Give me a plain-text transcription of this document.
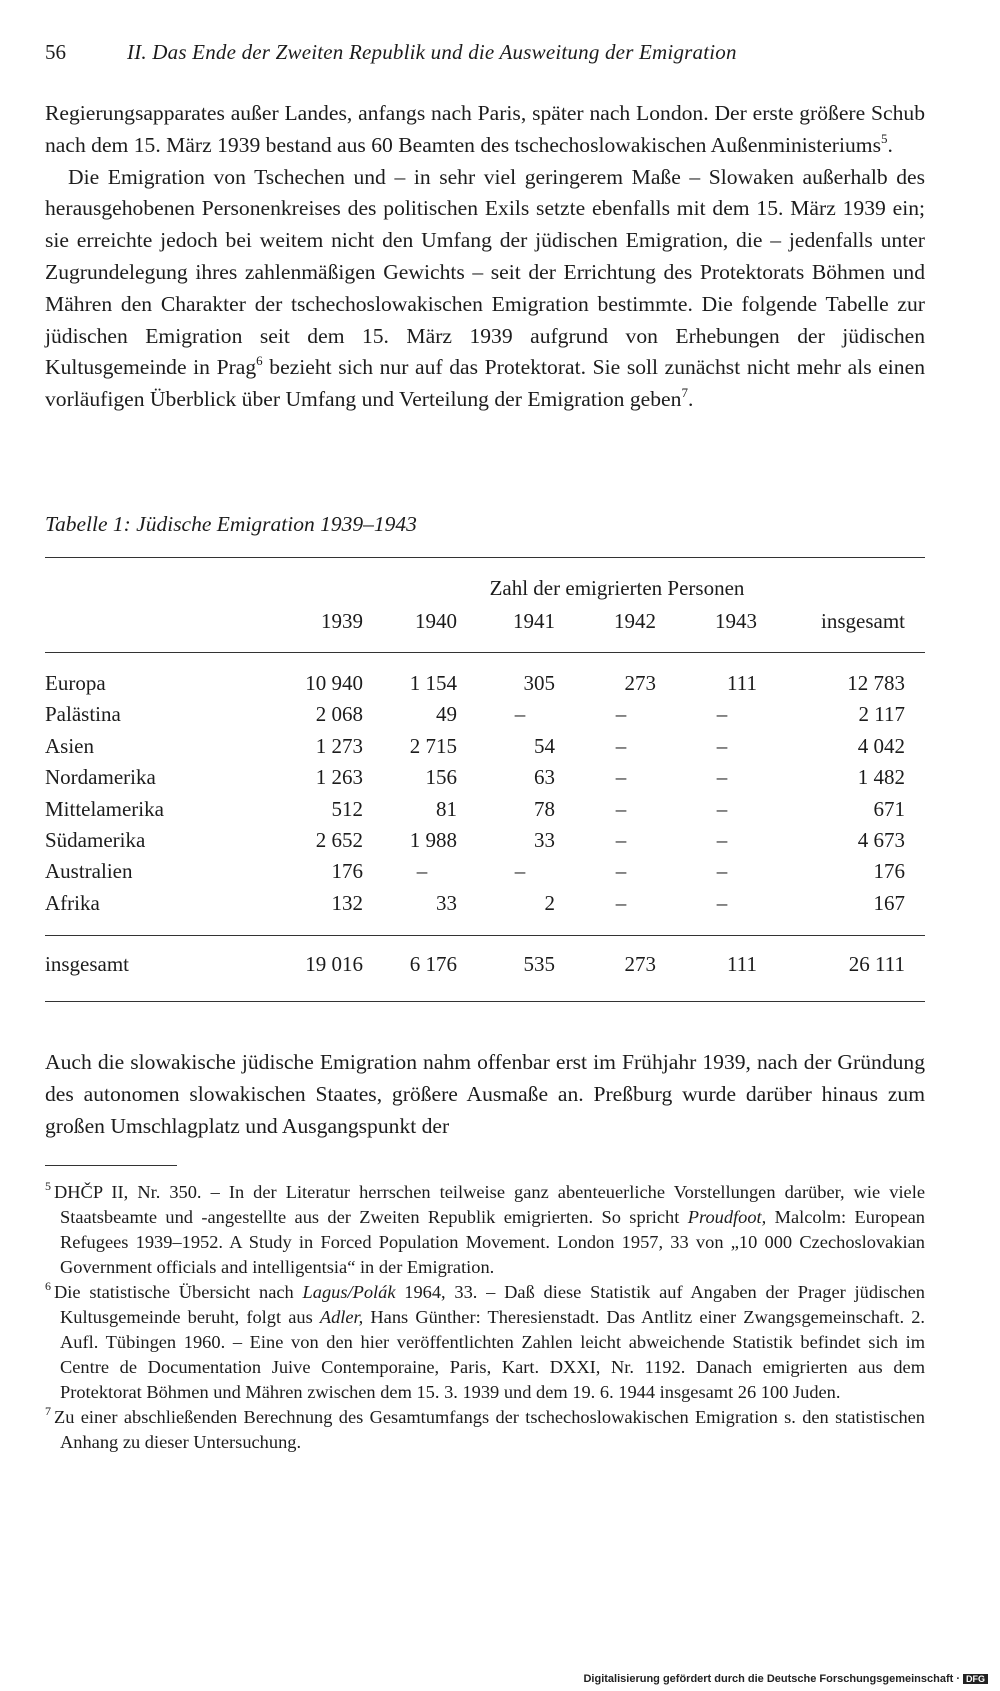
56	II. Das Ende der Zweiten Republik und die Ausweitung der Emigration

Regierungsapparates außer Landes, anfangs nach Paris, später nach London. Der erste größere Schub nach dem 15. März 1939 bestand aus 60 Beamten des tschechoslowakischen Außenministeriums$^5$.

Die Emigration von Tschechen und – in sehr viel geringerem Maße – Slowaken außerhalb des herausgehobenen Personenkreises des politischen Exils setzte ebenfalls mit dem 15. März 1939 ein; sie erreichte jedoch bei weitem nicht den Umfang der jüdischen Emigration, die – jedenfalls unter Zugrundelegung ihres zahlenmäßigen Gewichts – seit der Errichtung des Protektorats Böhmen und Mähren den Charakter der tschechoslowakischen Emigration bestimmte. Die folgende Tabelle zur jüdischen Emigration seit dem 15. März 1939 aufgrund von Erhebungen der jüdischen Kultusgemeinde in Prag$^6$ bezieht sich nur auf das Protektorat. Sie soll zunächst nicht mehr als einen vorläufigen Überblick über Umfang und Verteilung der Emigration geben$^7$.

Tabelle 1: Jüdische Emigration 1939–1943
Zahl der emigrierten Personen
1939	1940	1941	1942	1943	insgesamt
Europa	10 940	1 154	305	273	111	12 783
Palästina	2 068	49	–	–	–	2 117
Asien	1 273	2 715	54	–	–	4 042
Nordamerika	1 263	156	63	–	–	1 482
Mittelamerika	512	81	78	–	–	671
Südamerika	2 652	1 988	33	–	–	4 673
Australien	176	–	–	–	–	176
Afrika	132	33	2	–	–	167
insgesamt	19 016	6 176	535	273	111	26 111

Auch die slowakische jüdische Emigration nahm offenbar erst im Frühjahr 1939, nach der Gründung des autonomen slowakischen Staates, größere Ausmaße an. Preßburg wurde darüber hinaus zum großen Umschlagplatz und Ausgangspunkt der

$^5$ DHČP II, Nr. 350. – In der Literatur herrschen teilweise ganz abenteuerliche Vorstellungen darüber, wie viele Staatsbeamte und -angestellte aus der Zweiten Republik emigrierten. So spricht Proudfoot, Malcolm: European Refugees 1939–1952. A Study in Forced Population Movement. London 1957, 33 von „10 000 Czechoslovakian Government officials and intelligentsia“ in der Emigration.

$^6$ Die statistische Übersicht nach Lagus/Polák 1964, 33. – Daß diese Statistik auf Angaben der Prager jüdischen Kultusgemeinde beruht, folgt aus Adler, Hans Günther: Theresienstadt. Das Antlitz einer Zwangsgemeinschaft. 2. Aufl. Tübingen 1960. – Eine von den hier veröffentlichten Zahlen leicht abweichende Statistik befindet sich im Centre de Documentation Juive Contemporaine, Paris, Kart. DXXI, Nr. 1192. Danach emigrierten aus dem Protektorat Böhmen und Mähren zwischen dem 15. 3. 1939 und dem 19. 6. 1944 insgesamt 26 100 Juden.

$^7$ Zu einer abschließenden Berechnung des Gesamtumfangs der tschechoslowakischen Emigration s. den statistischen Anhang zu dieser Untersuchung.

Digitalisierung gefördert durch die Deutsche Forschungsgemeinschaft · DFG
